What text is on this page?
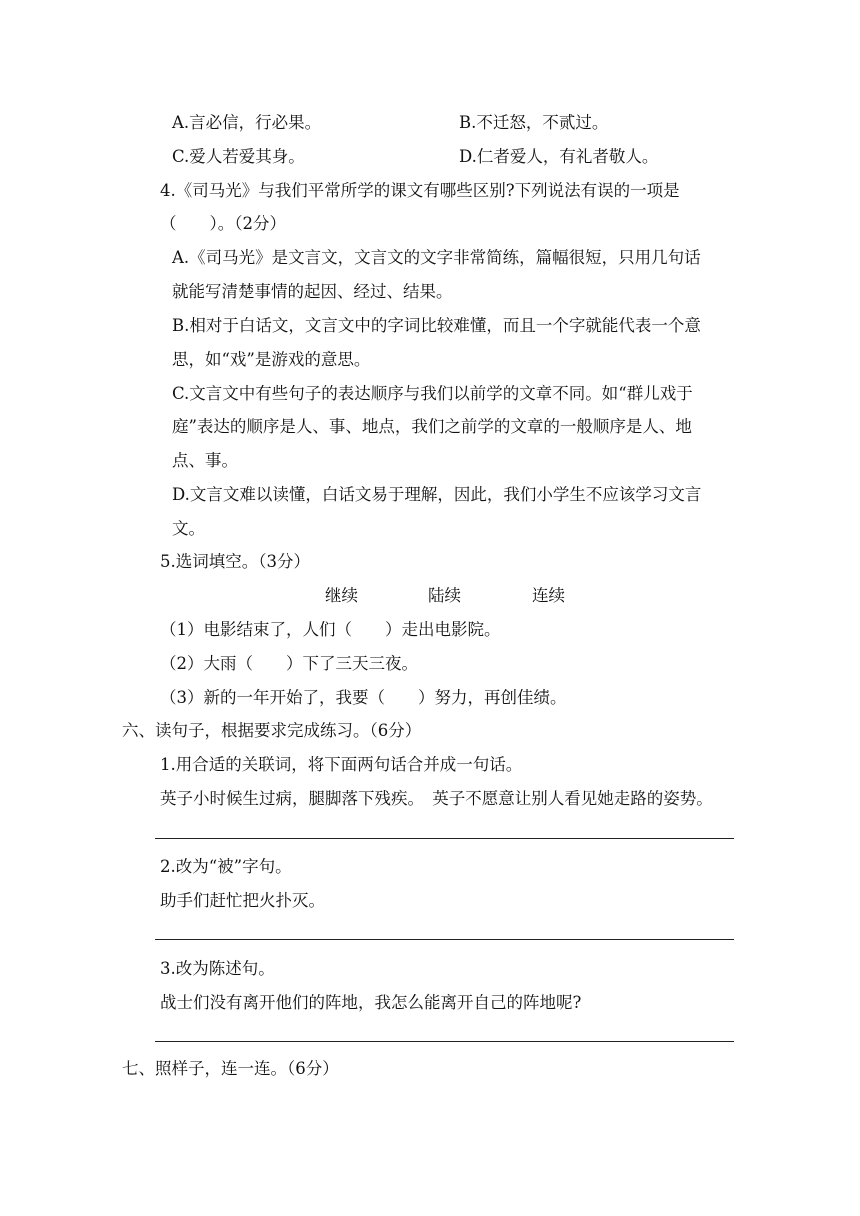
A.言必信，行必果。	B.不迁怒，不贰过。
C.爱人若爱其身。	D.仁者爱人，有礼者敬人。
4.《司马光》与我们平常所学的课文有哪些区别?下列说法有误的一项是
（　　）。（2分）
A.《司马光》是文言文，文言文的文字非常简练，篇幅很短，只用几句话
就能写清楚事情的起因、经过、结果。
B.相对于白话文，文言文中的字词比较难懂，而且一个字就能代表一个意
思，如“戏”是游戏的意思。
C.文言文中有些句子的表达顺序与我们以前学的文章不同。如“群儿戏于
庭”表达的顺序是人、事、地点，我们之前学的文章的一般顺序是人、地
点、事。
D.文言文难以读懂，白话文易于理解，因此，我们小学生不应该学习文言
文。
5.选词填空。（3分）
继续	陆续	连续
（1）电影结束了，人们（　　）走出电影院。
（2）大雨（　　）下了三天三夜。
（3）新的一年开始了，我要（　　）努力，再创佳绩。
六、读句子，根据要求完成练习。（6分）
1.用合适的关联词，将下面两句话合并成一句话。
英子小时候生过病，腿脚落下残疾。　英子不愿意让别人看见她走路的姿势。
2.改为“被”字句。
助手们赶忙把火扑灭。
3.改为陈述句。
战士们没有离开他们的阵地，我怎么能离开自己的阵地呢?
七、照样子，连一连。（6分）
